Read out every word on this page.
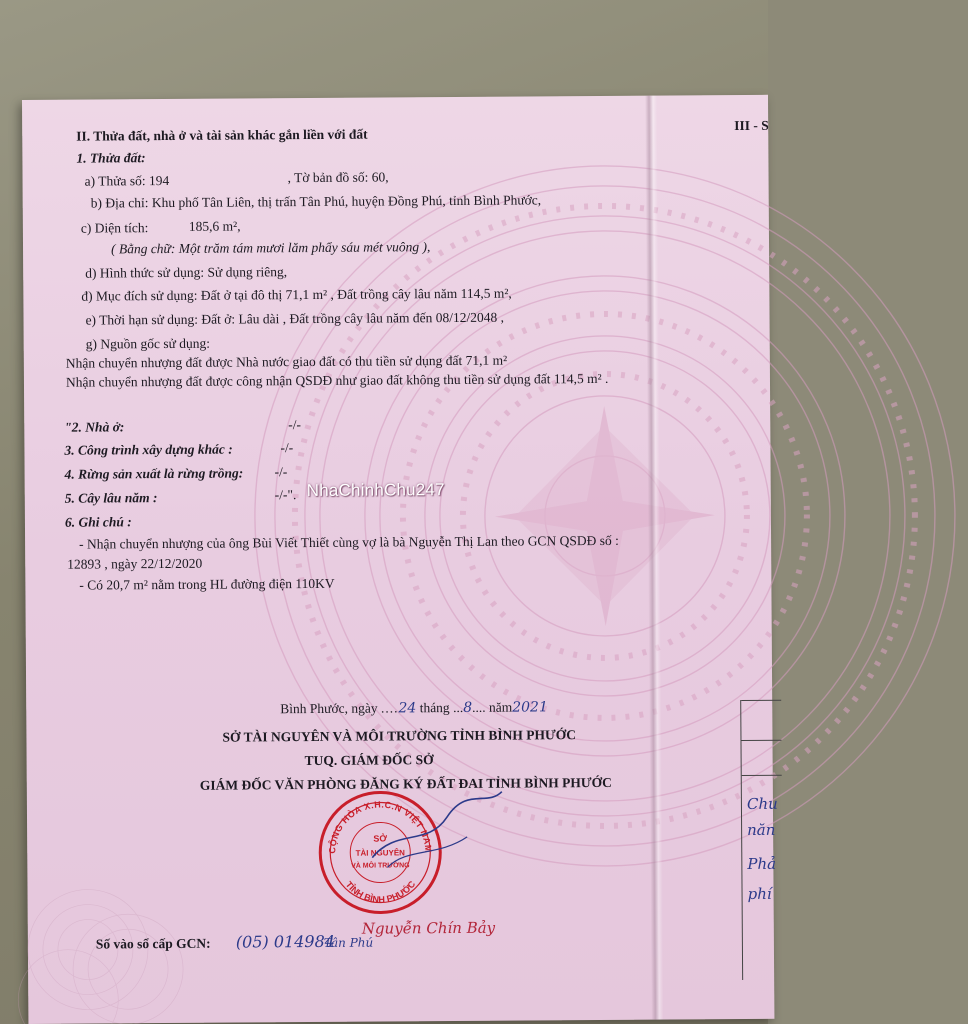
II. Thửa đất, nhà ở và tài sản khác gắn liền với đất
III - S
1. Thửa đất:
a) Thửa số: 194	, Tờ bản đồ số: 60,
b) Địa chỉ: Khu phố Tân Liên, thị trấn Tân Phú, huyện Đồng Phú, tỉnh Bình Phước,
c) Diện tích:	185,6 m²,
( Bằng chữ: Một trăm tám mươi lăm phẩy sáu mét vuông ),
d) Hình thức sử dụng: Sử dụng riêng,
đ) Mục đích sử dụng: Đất ở tại đô thị 71,1 m² , Đất trồng cây lâu năm 114,5 m²,
e) Thời hạn sử dụng: Đất ở: Lâu dài , Đất trồng cây lâu năm đến 08/12/2048 ,
g) Nguồn gốc sử dụng:
Nhận chuyển nhượng đất được Nhà nước giao đất có thu tiền sử dụng đất 71,1 m²
Nhận chuyển nhượng đất được công nhận QSDĐ như giao đất không thu tiền sử dụng đất 114,5 m² .
"2. Nhà ở:	-/-
3. Công trình xây dựng khác :	-/-
4. Rừng sản xuất là rừng trồng: -/-
5. Cây lâu năm :	-/-".
6. Ghi chú :
- Nhận chuyển nhượng của ông Bùi Viết Thiết cùng vợ là bà Nguyễn Thị Lan theo GCN QSDĐ số :
12893 , ngày 22/12/2020
- Có 20,7 m² nằm trong HL đường điện 110KV
NhaChinhChu247
Bình Phước, ngày ....24 tháng ...8.... năm2021
SỞ TÀI NGUYÊN VÀ MÔI TRƯỜNG TỈNH BÌNH PHƯỚC
TUQ. GIÁM ĐỐC SỞ
GIÁM ĐỐC VĂN PHÒNG ĐĂNG KÝ ĐẤT ĐAI TỈNH BÌNH PHƯỚC
CỘNG HÒA X.H.C.N VIỆT NAM
TỈNH BÌNH PHƯỚC
SỞ
TÀI NGUYÊN
VÀ MÔI TRƯỜNG
Nguyễn Chín Bảy
Số vào sổ cấp GCN: (05) 014984
Tân Phú
Chu
năn
Phả
phí
